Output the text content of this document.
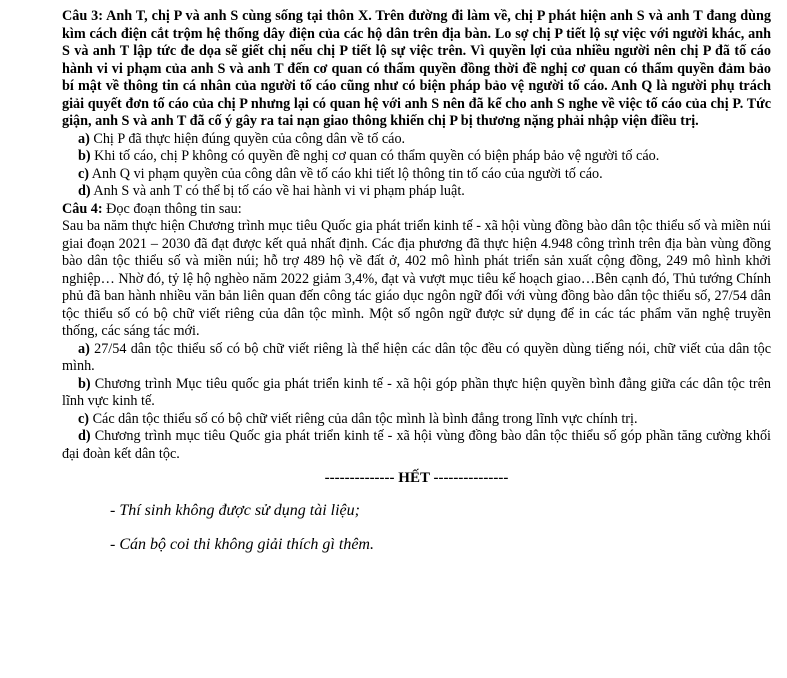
Câu 3: Anh T, chị P và anh S cùng sống tại thôn X. Trên đường đi làm về, chị P phát hiện anh S và anh T đang dùng kìm cách điện cắt trộm hệ thống dây điện của các hộ dân trên địa bàn. Lo sợ chị P tiết lộ sự việc với người khác, anh S và anh T lập tức đe dọa sẽ giết chị nếu chị P tiết lộ sự việc trên. Vì quyền lợi của nhiều người nên chị P đã tố cáo hành vi vi phạm của anh S và anh T đến cơ quan có thẩm quyền đồng thời đề nghị cơ quan có thẩm quyền đảm bảo bí mật về thông tin cá nhân của người tố cáo cũng như có biện pháp bảo vệ người tố cáo. Anh Q là người phụ trách giải quyết đơn tố cáo của chị P nhưng lại có quan hệ với anh S nên đã kể cho anh S nghe về việc tố cáo của chị P. Tức giận, anh S và anh T đã cố ý gây ra tai nạn giao thông khiến chị P bị thương nặng phải nhập viện điều trị.

a) Chị P đã thực hiện đúng quyền của công dân về tố cáo.

b) Khi tố cáo, chị P không có quyền đề nghị cơ quan có thẩm quyền có biện pháp bảo vệ người tố cáo.

c) Anh Q vi phạm quyền của công dân về tố cáo khi tiết lộ thông tin tố cáo của người tố cáo.

d) Anh S và anh T có thể bị tố cáo về hai hành vi vi phạm pháp luật.

Câu 4: Đọc đoạn thông tin sau:

Sau ba năm thực hiện Chương trình mục tiêu Quốc gia phát triển kinh tế - xã hội vùng đồng bào dân tộc thiểu số và miền núi giai đoạn 2021 – 2030 đã đạt được kết quả nhất định. Các địa phương đã thực hiện 4.948 công trình trên địa bàn vùng đồng bào dân tộc thiểu số và miền núi; hỗ trợ 489 hộ về đất ở, 402 mô hình phát triển sản xuất cộng đồng, 249 mô hình khởi nghiệp… Nhờ đó, tỷ lệ hộ nghèo năm 2022 giảm 3,4%, đạt và vượt mục tiêu kế hoạch giao…Bên cạnh đó, Thủ tướng Chính phủ đã ban hành nhiều văn bản liên quan đến công tác giáo dục ngôn ngữ đối với vùng đồng bào dân tộc thiểu số, 27/54 dân tộc thiểu số có bộ chữ viết riêng của dân tộc mình. Một số ngôn ngữ được sử dụng để in các tác phẩm văn nghệ truyền thống, các sáng tác mới.

a) 27/54 dân tộc thiểu số có bộ chữ viết riêng là thể hiện các dân tộc đều có quyền dùng tiếng nói, chữ viết của dân tộc mình.

b) Chương trình Mục tiêu quốc gia phát triển kinh tế - xã hội góp phần thực hiện quyền bình đẳng giữa các dân tộc trên lĩnh vực kinh tế.

c) Các dân tộc thiểu số có bộ chữ viết riêng của dân tộc mình là bình đẳng trong lĩnh vực chính trị.

d) Chương trình mục tiêu Quốc gia phát triển kinh tế - xã hội vùng đồng bào dân tộc thiểu số góp phần tăng cường khối đại đoàn kết dân tộc.

-------------- HẾT ---------------

- Thí sinh không được sử dụng tài liệu;

- Cán bộ coi thi không giải thích gì thêm.
